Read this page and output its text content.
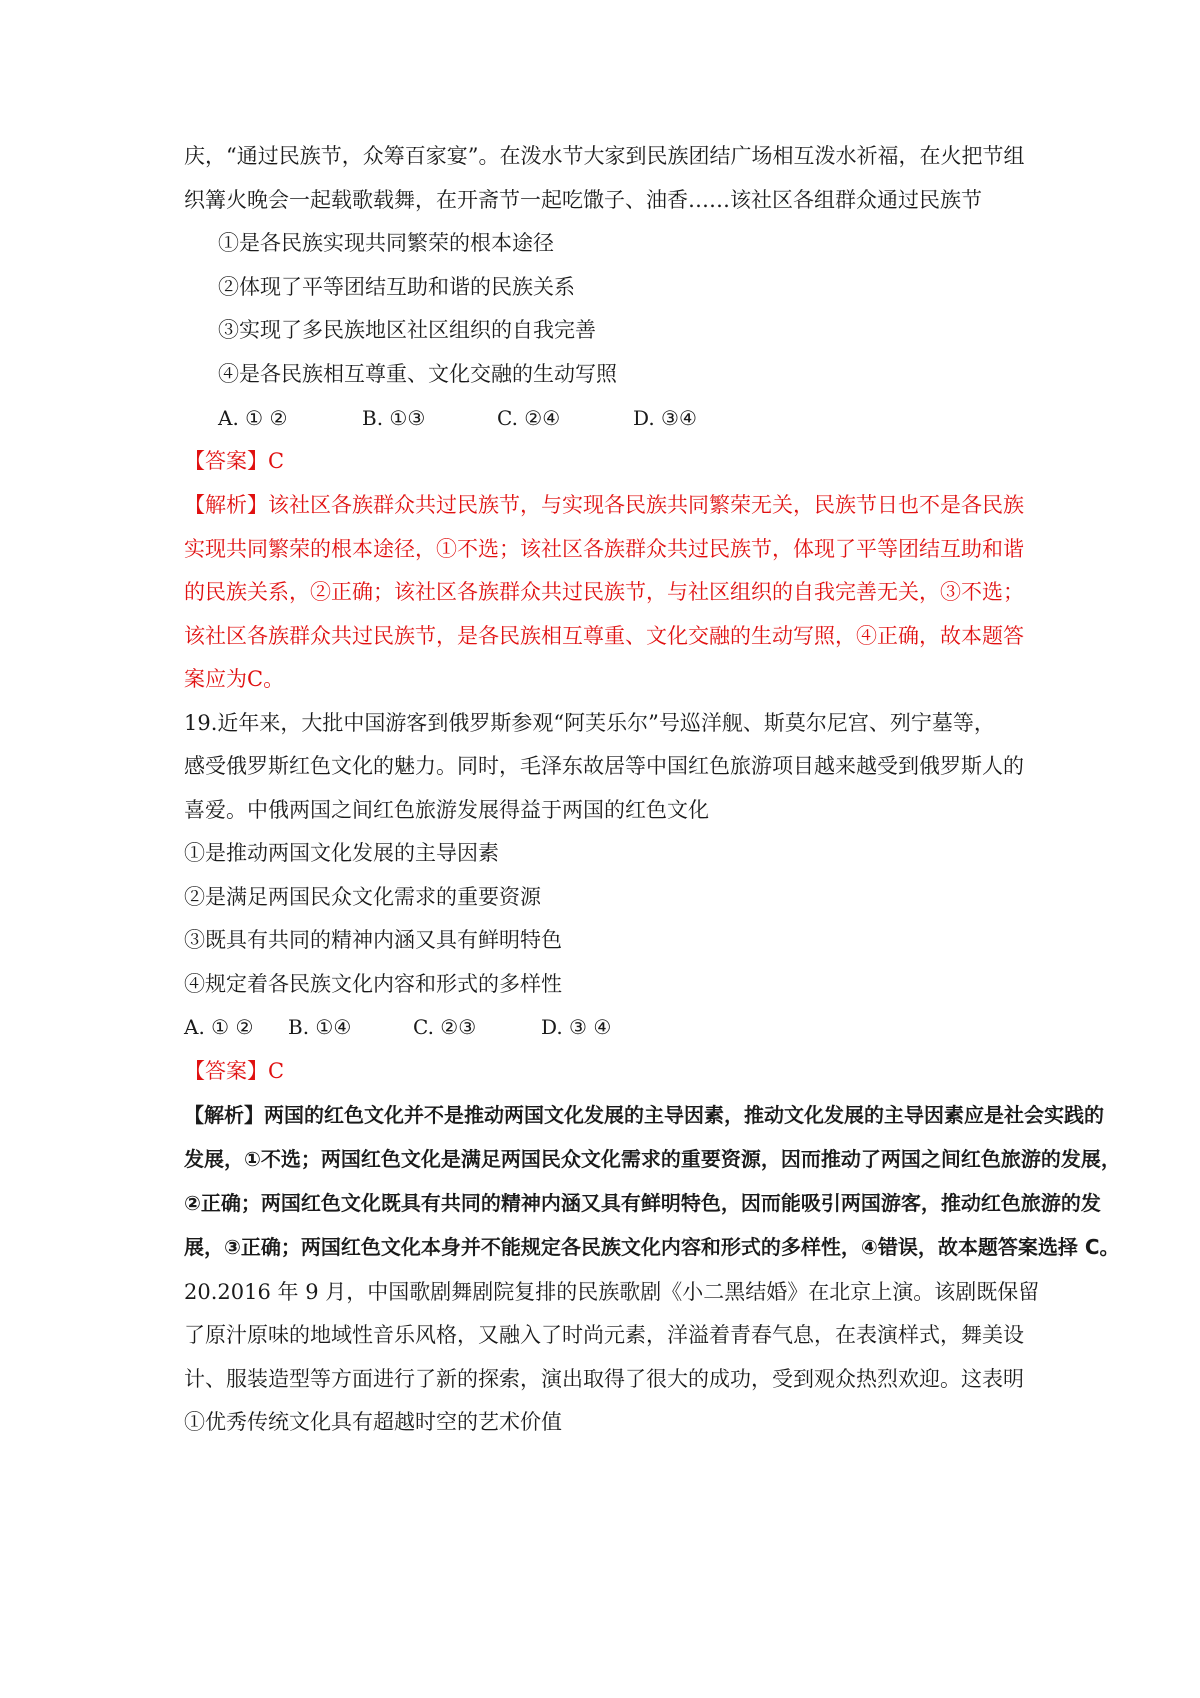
庆，“通过民族节，众筹百家宴”。在泼水节大家到民族团结广场相互泼水祈福，在火把节组
织篝火晚会一起载歌载舞，在开斋节一起吃馓子、油香……该社区各组群众通过民族节
①是各民族实现共同繁荣的根本途径
②体现了平等团结互助和谐的民族关系
③实现了多民族地区社区组织的自我完善
④是各民族相互尊重、文化交融的生动写照
A. ① ②	B. ①③	C. ②④	D. ③④
【答案】C
【解析】该社区各族群众共过民族节，与实现各民族共同繁荣无关，民族节日也不是各民族
实现共同繁荣的根本途径，①不选；该社区各族群众共过民族节，体现了平等团结互助和谐
的民族关系，②正确；该社区各族群众共过民族节，与社区组织的自我完善无关，③不选；
该社区各族群众共过民族节，是各民族相互尊重、文化交融的生动写照，④正确，故本题答
案应为C。
19.近年来，大批中国游客到俄罗斯参观“阿芙乐尔”号巡洋舰、斯莫尔尼宫、列宁墓等，
感受俄罗斯红色文化的魅力。同时，毛泽东故居等中国红色旅游项目越来越受到俄罗斯人的
喜爱。中俄两国之间红色旅游发展得益于两国的红色文化
①是推动两国文化发展的主导因素
②是满足两国民众文化需求的重要资源
③既具有共同的精神内涵又具有鲜明特色
④规定着各民族文化内容和形式的多样性
A. ① ② B. ①④	C. ②③	D. ③ ④
【答案】C
【解析】两国的红色文化并不是推动两国文化发展的主导因素，推动文化发展的主导因素应是社会实践的
发展，①不选；两国红色文化是满足两国民众文化需求的重要资源，因而推动了两国之间红色旅游的发展，
②正确；两国红色文化既具有共同的精神内涵又具有鲜明特色，因而能吸引两国游客，推动红色旅游的发
展，③正确；两国红色文化本身并不能规定各民族文化内容和形式的多样性，④错误，故本题答案选择 C。
20.2016 年 9 月，中国歌剧舞剧院复排的民族歌剧《小二黑结婚》在北京上演。该剧既保留
了原汁原味的地域性音乐风格，又融入了时尚元素，洋溢着青春气息，在表演样式，舞美设
计、服装造型等方面进行了新的探索，演出取得了很大的成功，受到观众热烈欢迎。这表明
①优秀传统文化具有超越时空的艺术价值
